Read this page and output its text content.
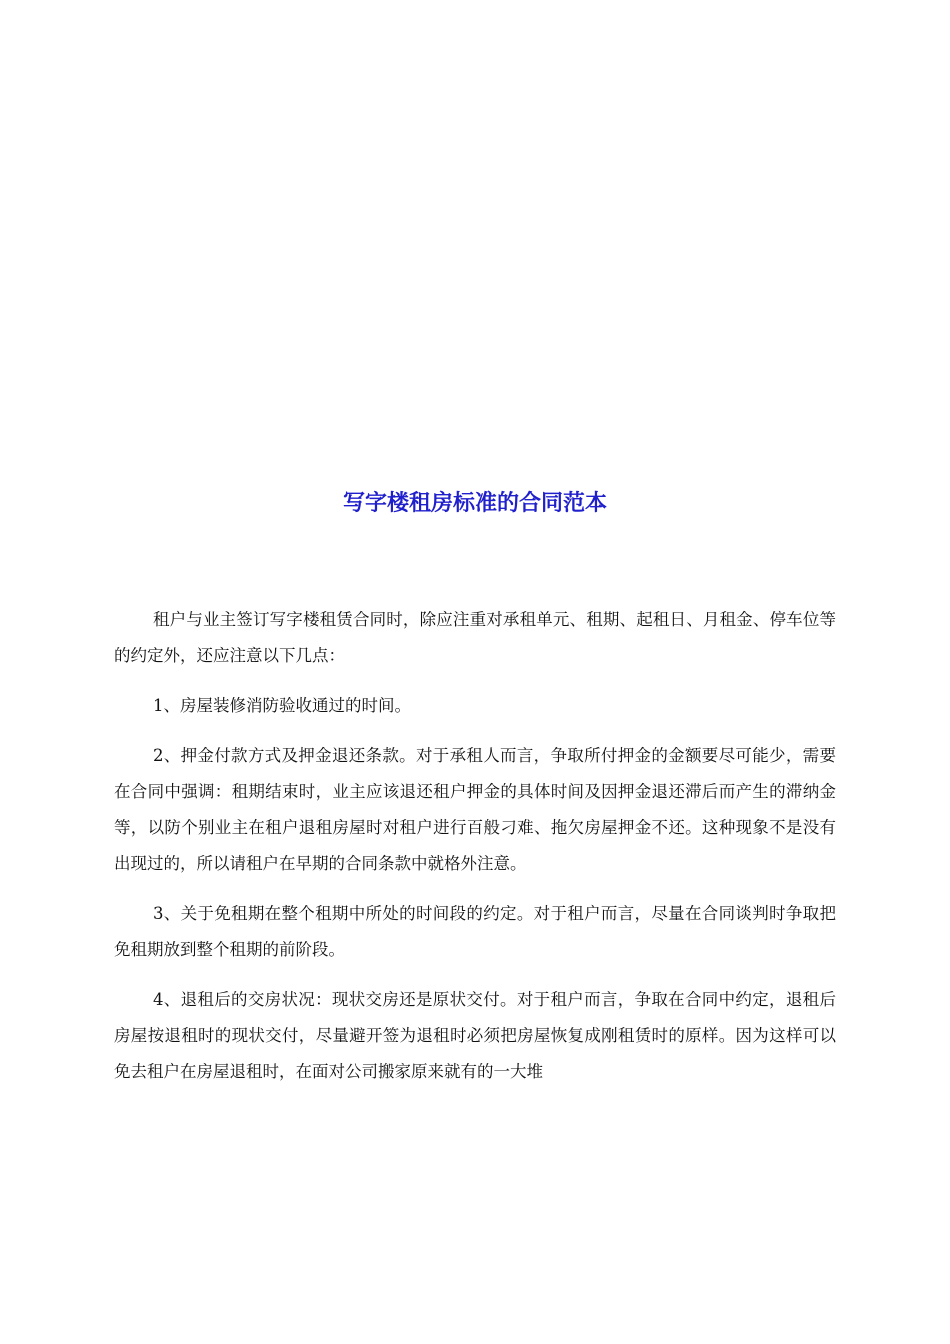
写字楼租房标准的合同范本

租户与业主签订写字楼租赁合同时，除应注重对承租单元、租期、起租日、月租金、停车位等的约定外，还应注意以下几点：

1、房屋装修消防验收通过的时间。

2、押金付款方式及押金退还条款。对于承租人而言，争取所付押金的金额要尽可能少，需要在合同中强调：租期结束时，业主应该退还租户押金的具体时间及因押金退还滞后而产生的滞纳金等，以防个别业主在租户退租房屋时对租户进行百般刁难、拖欠房屋押金不还。这种现象不是没有出现过的，所以请租户在早期的合同条款中就格外注意。

3、关于免租期在整个租期中所处的时间段的约定。对于租户而言，尽量在合同谈判时争取把免租期放到整个租期的前阶段。

4、退租后的交房状况：现状交房还是原状交付。对于租户而言，争取在合同中约定，退租后房屋按退租时的现状交付，尽量避开签为退租时必须把房屋恢复成刚租赁时的原样。因为这样可以免去租户在房屋退租时，在面对公司搬家原来就有的一大堆
